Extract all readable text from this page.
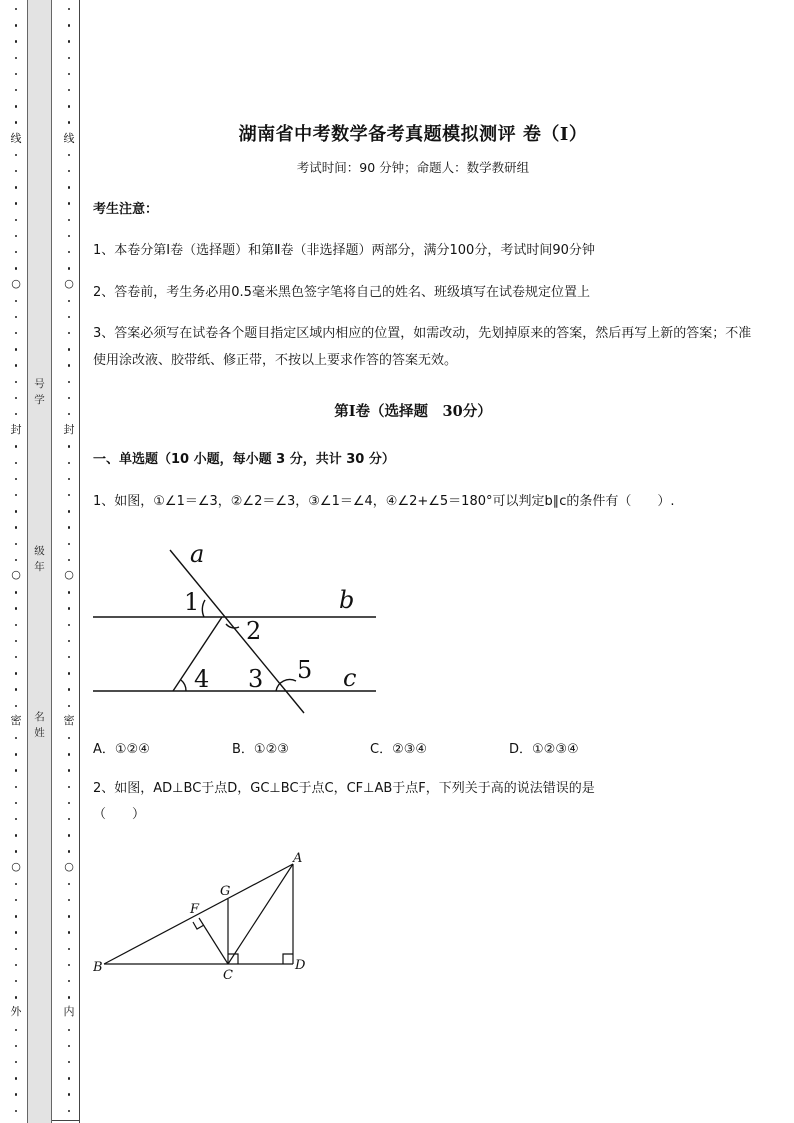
线
○
封
○
密
○
外
号学
级年
名姓
线
○
封
○
密
○
内
湖南省中考数学备考真题模拟测评 卷（Ⅰ）
考试时间：90 分钟；命题人：数学教研组
考生注意：
1、本卷分第Ⅰ卷（选择题）和第Ⅱ卷（非选择题）两部分，满分100分，考试时间90分钟
2、答卷前，考生务必用0.5毫米黑色签字笔将自己的姓名、班级填写在试卷规定位置上
3、答案必须写在试卷各个题目指定区域内相应的位置，如需改动，先划掉原来的答案，然后再写上新的答案；不准使用涂改液、胶带纸、修正带，不按以上要求作答的答案无效。
第Ⅰ卷（选择题　30分）
一、单选题（10 小题，每小题 3 分，共计 30 分）
1、如图，①∠1＝∠3，②∠2＝∠3，③∠1＝∠4，④∠2+∠5＝180°可以判定b∥c的条件有（　　）.
a
b
c
1
2
3
4	5
A．①②④	B．①②③	C．②③④	D．①②③④
2、如图，AD⊥BC于点D，GC⊥BC于点C，CF⊥AB于点F，下列关于高的说法错误的是
（　　）
A
B
C
D
F
G
